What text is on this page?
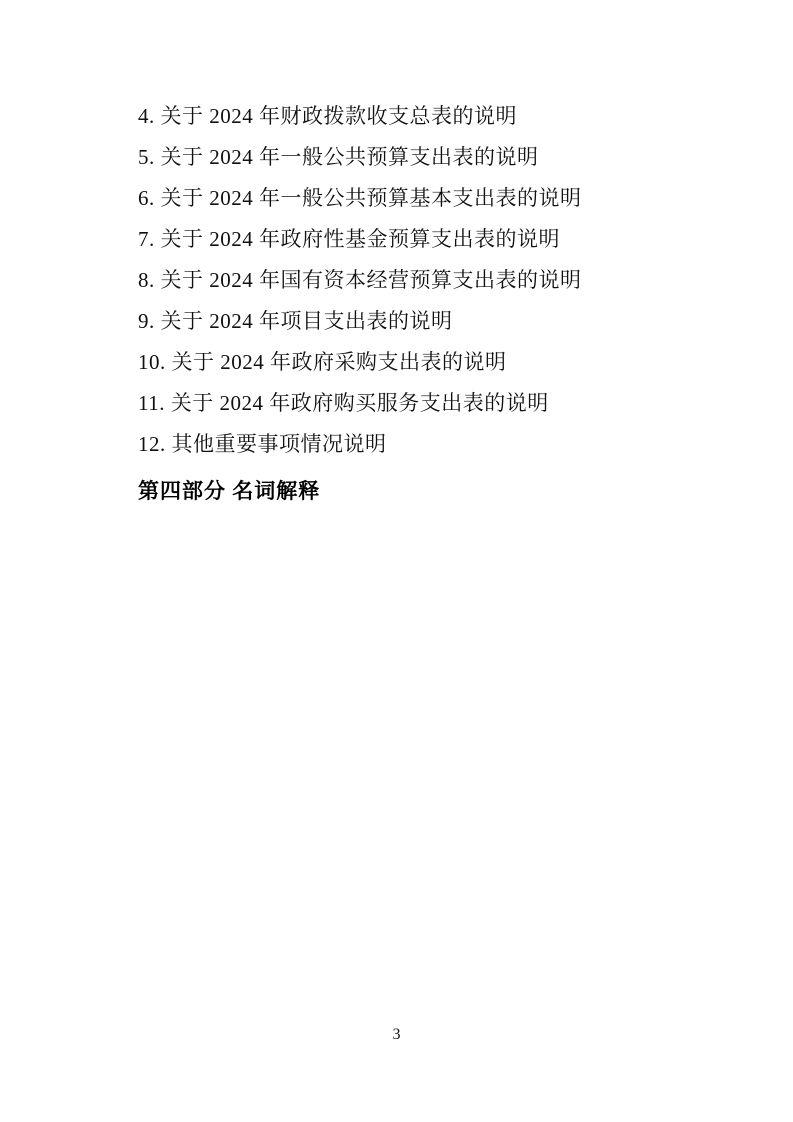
4. 关于 2024 年财政拨款收支总表的说明
5. 关于 2024 年一般公共预算支出表的说明
6. 关于 2024 年一般公共预算基本支出表的说明
7. 关于 2024 年政府性基金预算支出表的说明
8. 关于 2024 年国有资本经营预算支出表的说明
9. 关于 2024 年项目支出表的说明
10. 关于 2024 年政府采购支出表的说明
11. 关于 2024 年政府购买服务支出表的说明
12. 其他重要事项情况说明
第四部分 名词解释
3
